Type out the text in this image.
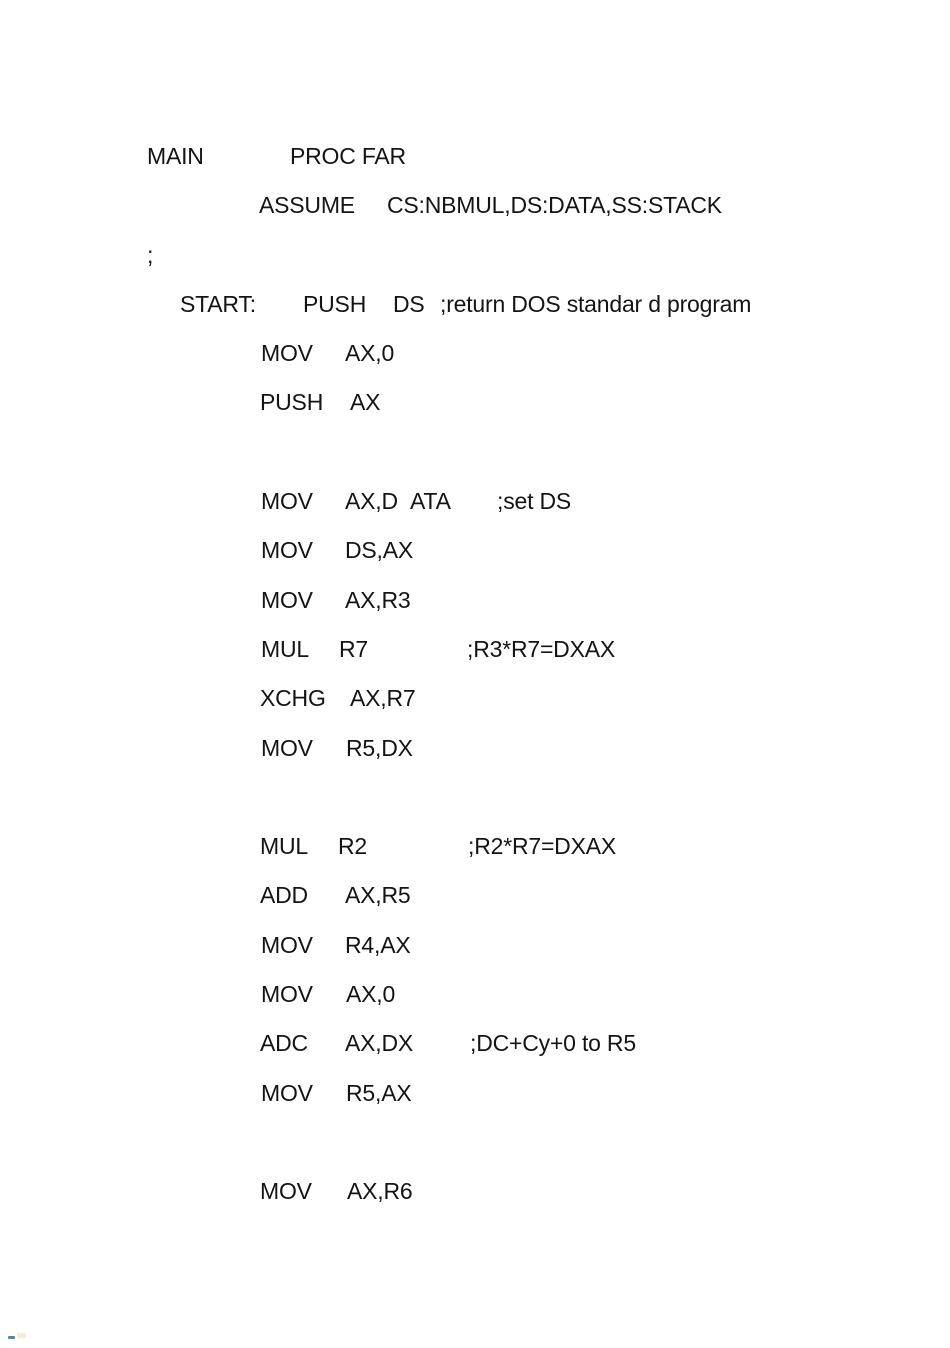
MAIN	PROC FAR
ASSUME CS:NBMUL,DS:DATA,SS:STACK
;
START: PUSH DS ;return DOS standar d program
MOV AX,0
PUSH AX
MOV AX,D ATA ;set DS
MOV DS,AX
MOV AX,R3
MUL R7	;R3*R7=DXAX
XCHG AX,R7
MOV R5,DX
MUL R2	;R2*R7=DXAX
ADD AX,R5
MOV R4,AX
MOV AX,0
ADC AX,DX ;DC+Cy+0 to R5
MOV R5,AX
MOV AX,R6
